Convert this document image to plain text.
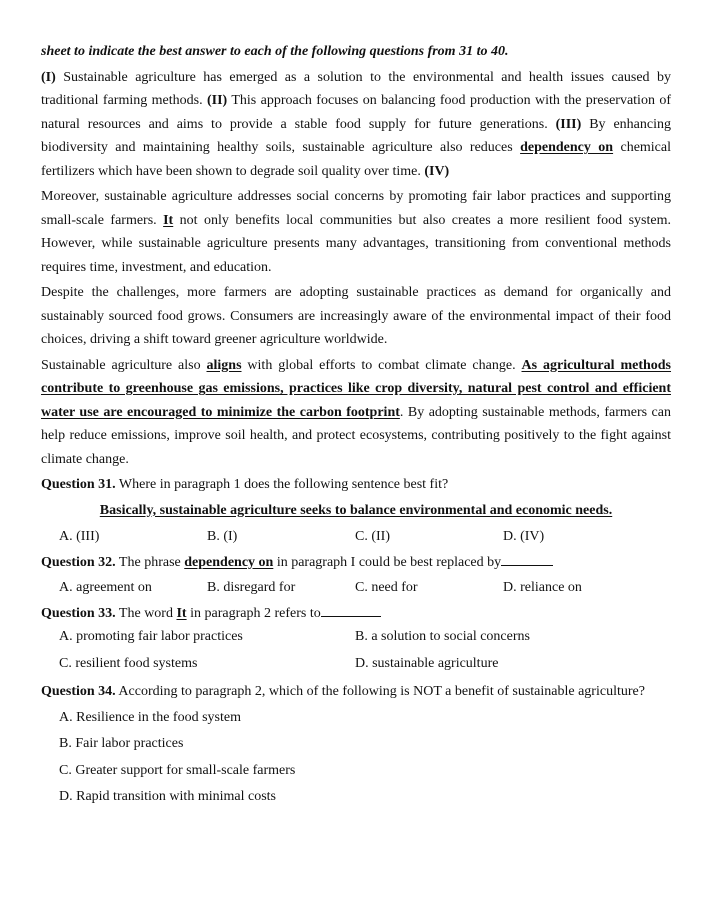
sheet to indicate the best answer to each of the following questions from 31 to 40.

(I) Sustainable agriculture has emerged as a solution to the environmental and health issues caused by traditional farming methods. (II) This approach focuses on balancing food production with the preservation of natural resources and aims to provide a stable food supply for future generations. (III) By enhancing biodiversity and maintaining healthy soils, sustainable agriculture also reduces dependency on chemical fertilizers which have been shown to degrade soil quality over time. (IV)

Moreover, sustainable agriculture addresses social concerns by promoting fair labor practices and supporting small-scale farmers. It not only benefits local communities but also creates a more resilient food system. However, while sustainable agriculture presents many advantages, transitioning from conventional methods requires time, investment, and education.

Despite the challenges, more farmers are adopting sustainable practices as demand for organically and sustainably sourced food grows. Consumers are increasingly aware of the environmental impact of their food choices, driving a shift toward greener agriculture worldwide.

Sustainable agriculture also aligns with global efforts to combat climate change. As agricultural methods contribute to greenhouse gas emissions, practices like crop diversity, natural pest control and efficient water use are encouraged to minimize the carbon footprint. By adopting sustainable methods, farmers can help reduce emissions, improve soil health, and protect ecosystems, contributing positively to the fight against climate change.

Question 31. Where in paragraph 1 does the following sentence best fit?

Basically, sustainable agriculture seeks to balance environmental and economic needs.

A. (III)	B. (I)	C. (II)	D. (IV)

Question 32. The phrase dependency on in paragraph I could be best replaced by

A. agreement on	B. disregard for	C. need for	D. reliance on

Question 33. The word It in paragraph 2 refers to

A. promoting fair labor practices	B. a solution to social concerns
C. resilient food systems	D. sustainable agriculture

Question 34. According to paragraph 2, which of the following is NOT a benefit of sustainable agriculture?

A. Resilience in the food system
B. Fair labor practices
C. Greater support for small-scale farmers
D. Rapid transition with minimal costs
